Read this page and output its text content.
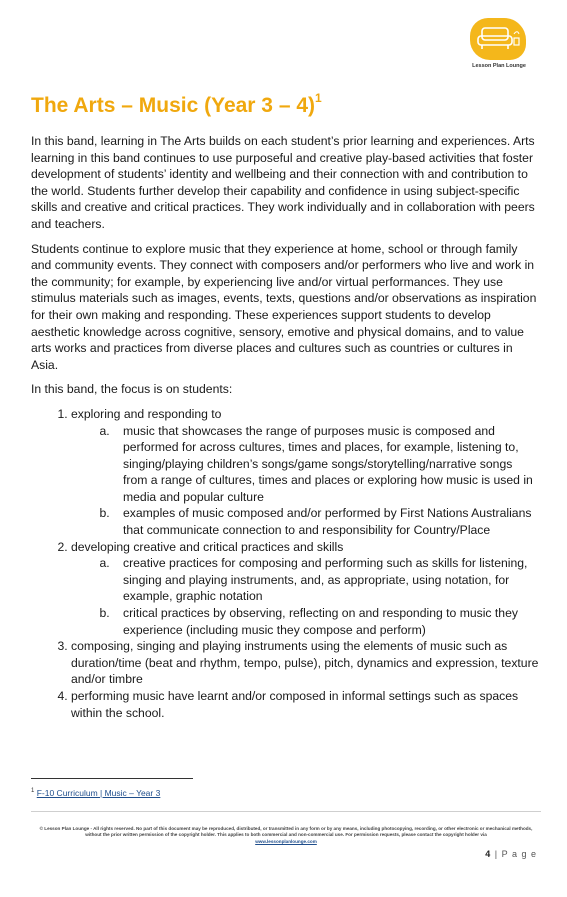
Lesson Plan Lounge
The Arts – Music (Year 3 – 4)$^1$

In this band, learning in The Arts builds on each student’s prior learning and experiences. Arts learning in this band continues to use purposeful and creative play-based activities that foster development of students’ identity and wellbeing and their connection with and contribution to the world. Students further develop their capability and confidence in using subject-specific skills and creative and critical practices. They work individually and in collaboration with peers and teachers.

Students continue to explore music that they experience at home, school or through family and community events. They connect with composers and/or performers who live and work in the community; for example, by experiencing live and/or virtual performances. They use stimulus materials such as images, events, texts, questions and/or observations as inspiration for their own making and responding. These experiences support students to develop aesthetic knowledge across cognitive, sensory, emotive and physical domains, and to value arts works and practices from diverse places and cultures such as countries or cultures in Asia.

In this band, the focus is on students:

1. exploring and responding to
a. music that showcases the range of purposes music is composed and performed for across cultures, times and places, for example, listening to, singing/playing children’s songs/game songs/storytelling/narrative songs from a range of cultures, times and places or exploring how music is used in media and popular culture
b. examples of music composed and/or performed by First Nations Australians that communicate connection to and responsibility for Country/Place
2. developing creative and critical practices and skills
a. creative practices for composing and performing such as skills for listening, singing and playing instruments, and, as appropriate, using notation, for example, graphic notation
b. critical practices by observing, reflecting on and responding to music they experience (including music they compose and perform)
3. composing, singing and playing instruments using the elements of music such as duration/time (beat and rhythm, tempo, pulse), pitch, dynamics and expression, texture and/or timbre
4. performing music have learnt and/or composed in informal settings such as spaces within the school.
$^1$ F-10 Curriculum | Music – Year 3
© Lesson Plan Lounge - All rights reserved. No part of this document may be reproduced, distributed, or transmitted in any form or by any means, including photocopying, recording, or other electronic or mechanical methods, without the prior written permission of the copyright holder. This applies to both commercial and non-commercial use. For permission requests, please contact the copyright holder via
www.lessonplanlounge.com
4 | P a g e
